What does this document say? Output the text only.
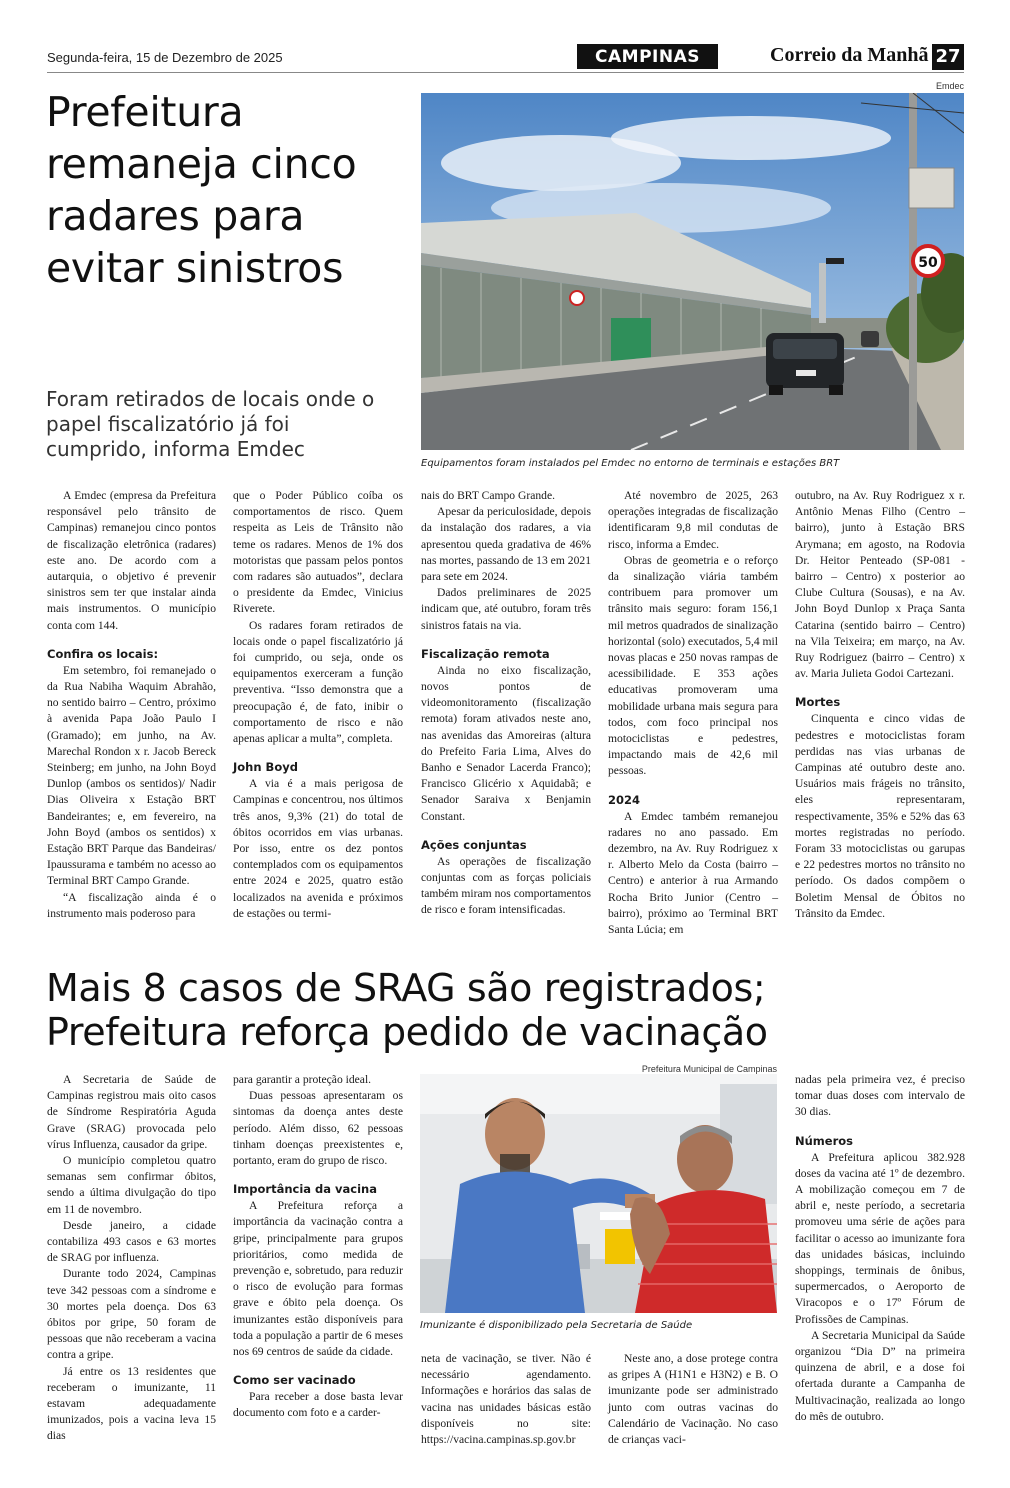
Segunda-feira, 15 de Dezembro de 2025	CAMPINAS	Correio da Manhã 27
Prefeitura remaneja cinco radares para evitar sinistros
Foram retirados de locais onde o papel fiscalizatório já foi cumprido, informa Emdec
Emdec
50
Equipamentos foram instalados pel Emdec no entorno de terminais e estações BRT

A Emdec (empresa da Prefeitura responsável pelo trânsito de Campinas) remanejou cinco pontos de fiscalização eletrônica (radares) este ano. De acordo com a autarquia, o objetivo é prevenir sinistros sem ter que instalar ainda mais instrumentos. O município conta com 144.

Confira os locais:

Em setembro, foi remanejado o da Rua Nabiha Waquim Abrahão, no sentido bairro – Centro, próximo à avenida Papa João Paulo I (Gramado); em junho, na Av. Marechal Rondon x r. Jacob Bereck Steinberg; em junho, na John Boyd Dunlop (ambos os sentidos)/ Nadir Dias Oliveira x Estação BRT Bandeirantes; e, em fevereiro, na John Boyd (ambos os sentidos) x Estação BRT Parque das Bandeiras/ Ipaussurama e também no acesso ao Terminal BRT Campo Grande.

“A fiscalização ainda é o instrumento mais poderoso para

que o Poder Público coíba os comportamentos de risco. Quem respeita as Leis de Trânsito não teme os radares. Menos de 1% dos motoristas que passam pelos pontos com radares são autuados”, declara o presidente da Emdec, Vinicius Riverete.

Os radares foram retirados de locais onde o papel fiscalizatório já foi cumprido, ou seja, onde os equipamentos exerceram a função preventiva. “Isso demonstra que a preocupação é, de fato, inibir o comportamento de risco e não apenas aplicar a multa”, completa.

John Boyd

A via é a mais perigosa de Campinas e concentrou, nos últimos três anos, 9,3% (21) do total de óbitos ocorridos em vias urbanas. Por isso, entre os dez pontos contemplados com os equipamentos entre 2024 e 2025, quatro estão localizados na avenida e próximos de estações ou termi-

nais do BRT Campo Grande.

Apesar da periculosidade, depois da instalação dos radares, a via apresentou queda gradativa de 46% nas mortes, passando de 13 em 2021 para sete em 2024.

Dados preliminares de 2025 indicam que, até outubro, foram três sinistros fatais na via.

Fiscalização remota

Ainda no eixo fiscalização, novos pontos de videomonitoramento (fiscalização remota) foram ativados neste ano, nas avenidas das Amoreiras (altura do Prefeito Faria Lima, Alves do Banho e Senador Lacerda Franco); Francisco Glicério x Aquidabã; e Senador Saraiva x Benjamin Constant.

Ações conjuntas

As operações de fiscalização conjuntas com as forças policiais também miram nos comportamentos de risco e foram intensificadas.

Até novembro de 2025, 263 operações integradas de fiscalização identificaram 9,8 mil condutas de risco, informa a Emdec.

Obras de geometria e o reforço da sinalização viária também contribuem para promover um trânsito mais seguro: foram 156,1 mil metros quadrados de sinalização horizontal (solo) executados, 5,4 mil novas placas e 250 novas rampas de acessibilidade. E 353 ações educativas promoveram uma mobilidade urbana mais segura para todos, com foco principal nos motociclistas e pedestres, impactando mais de 42,6 mil pessoas.

2024

A Emdec também remanejou radares no ano passado. Em dezembro, na Av. Ruy Rodriguez x r. Alberto Melo da Costa (bairro – Centro) e anterior à rua Armando Rocha Brito Junior (Centro – bairro), próximo ao Terminal BRT Santa Lúcia; em

outubro, na Av. Ruy Rodriguez x r. Antônio Menas Filho (Centro – bairro), junto à Estação BRS Arymana; em agosto, na Rodovia Dr. Heitor Penteado (SP-081 - bairro – Centro) x posterior ao Clube Cultura (Sousas), e na Av. John Boyd Dunlop x Praça Santa Catarina (sentido bairro – Centro) na Vila Teixeira; em março, na Av. Ruy Rodriguez (bairro – Centro) x av. Maria Julieta Godoi Cartezani.

Mortes

Cinquenta e cinco vidas de pedestres e motociclistas foram perdidas nas vias urbanas de Campinas até outubro deste ano. Usuários mais frágeis no trânsito, eles representaram, respectivamente, 35% e 52% das 63 mortes registradas no período. Foram 33 motociclistas ou garupas e 22 pedestres mortos no trânsito no período. Os dados compõem o Boletim Mensal de Óbitos no Trânsito da Emdec.

Mais 8 casos de SRAG são registrados;
Prefeitura reforça pedido de vacinação
Prefeitura Municipal de Campinas
Imunizante é disponibilizado pela Secretaria de Saúde

A Secretaria de Saúde de Campinas registrou mais oito casos de Síndrome Respiratória Aguda Grave (SRAG) provocada pelo vírus Influenza, causador da gripe.

O município completou quatro semanas sem confirmar óbitos, sendo a última divulgação do tipo em 11 de novembro.

Desde janeiro, a cidade contabiliza 493 casos e 63 mortes de SRAG por influenza.

Durante todo 2024, Campinas teve 342 pessoas com a síndrome e 30 mortes pela doença. Dos 63 óbitos por gripe, 50 foram de pessoas que não receberam a vacina contra a gripe.

Já entre os 13 residentes que receberam o imunizante, 11 estavam adequadamente imunizados, pois a vacina leva 15 dias

para garantir a proteção ideal.

Duas pessoas apresentaram os sintomas da doença antes deste período. Além disso, 62 pessoas tinham doenças preexistentes e, portanto, eram do grupo de risco.

Importância da vacina

A Prefeitura reforça a importância da vacinação contra a gripe, principalmente para grupos prioritários, como medida de prevenção e, sobretudo, para reduzir o risco de evolução para formas grave e óbito pela doença. Os imunizantes estão disponíveis para toda a população a partir de 6 meses nos 69 centros de saúde da cidade.

Como ser vacinado

Para receber a dose basta levar documento com foto e a carder-

neta de vacinação, se tiver. Não é necessário agendamento. Informações e horários das salas de vacina nas unidades básicas estão disponíveis no site: https://vacina.campinas.sp.gov.br

Neste ano, a dose protege contra as gripes A (H1N1 e H3N2) e B. O imunizante pode ser administrado junto com outras vacinas do Calendário de Vacinação. No caso de crianças vaci-

nadas pela primeira vez, é preciso tomar duas doses com intervalo de 30 dias.

Números

A Prefeitura aplicou 382.928 doses da vacina até 1º de dezembro. A mobilização começou em 7 de abril e, neste período, a secretaria promoveu uma série de ações para facilitar o acesso ao imunizante fora das unidades básicas, incluindo shoppings, terminais de ônibus, supermercados, o Aeroporto de Viracopos e o 17º Fórum de Profissões de Campinas.

A Secretaria Municipal da Saúde organizou “Dia D” na primeira quinzena de abril, e a dose foi ofertada durante a Campanha de Multivacinação, realizada ao longo do mês de outubro.
